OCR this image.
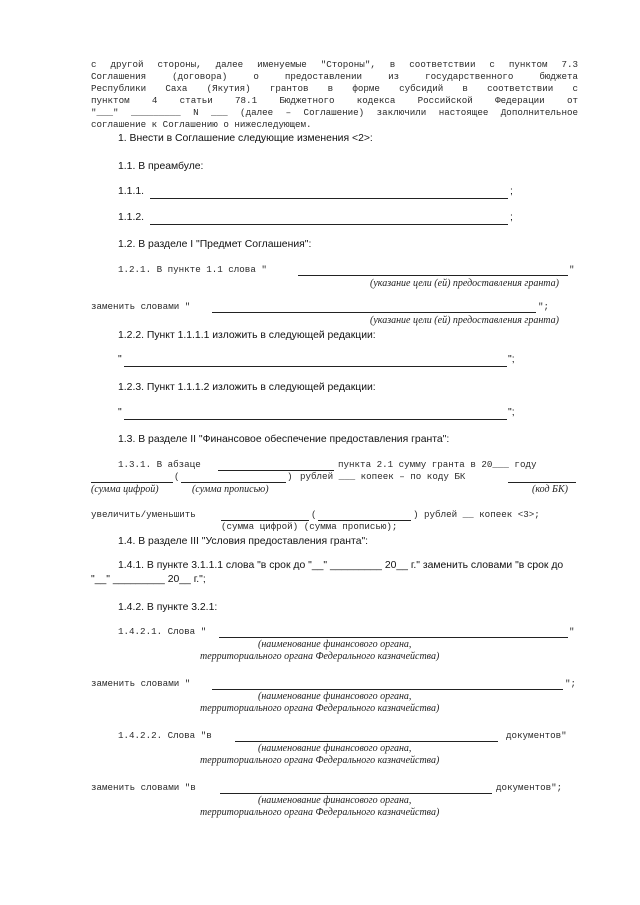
с другой стороны, далее именуемые "Стороны", в соответствии с пунктом 7.3
Соглашения (договора) о предоставлении из государственного бюджета
Республики Саха (Якутия) грантов в форме субсидий в соответствии с
пунктом 4 статьи 78.1 Бюджетного кодекса Российской Федерации от
"___" _________ N ___ (далее – Соглашение) заключили настоящее Дополнительное
соглашение к Соглашению о нижеследующем.
1. Внести в Соглашение следующие изменения <2>:
1.1. В преамбуле:
1.1.1.	;
1.1.2.	;
1.2. В разделе I "Предмет Соглашения":
1.2.1. В пункте 1.1 слова "	"
(указание цели (ей) предоставления гранта)
заменить словами "	";
(указание цели (ей) предоставления гранта)
1.2.2. Пункт 1.1.1.1 изложить в следующей редакции:
"	";
1.2.3. Пункт 1.1.1.2 изложить в следующей редакции:
"	";
1.3. В разделе II "Финансовое обеспечение предоставления гранта":
1.3.1. В абзаце	пункта 2.1 сумму гранта в 20___ году
(	) рублей ___ копеек – по коду БК
(сумма цифрой)	(сумма прописью)	(код БК)
увеличить/уменьшить	(	) рублей __ копеек <3>;
(сумма цифрой) (сумма прописью);
1.4. В разделе III "Условия предоставления гранта":
1.4.1. В пункте 3.1.1.1 слова "в срок до "__" _________ 20__ г." заменить словами "в срок до
"__" _________ 20__ г.";
1.4.2. В пункте 3.2.1:
1.4.2.1. Слова "	"
(наименование финансового органа,
территориального органа Федерального казначейства)
заменить словами "	";
(наименование финансового органа,
территориального органа Федерального казначейства)
1.4.2.2. Слова "в	документов"
(наименование финансового органа,
территориального органа Федерального казначейства)
заменить словами "в	документов";
(наименование финансового органа,
территориального органа Федерального казначейства)
